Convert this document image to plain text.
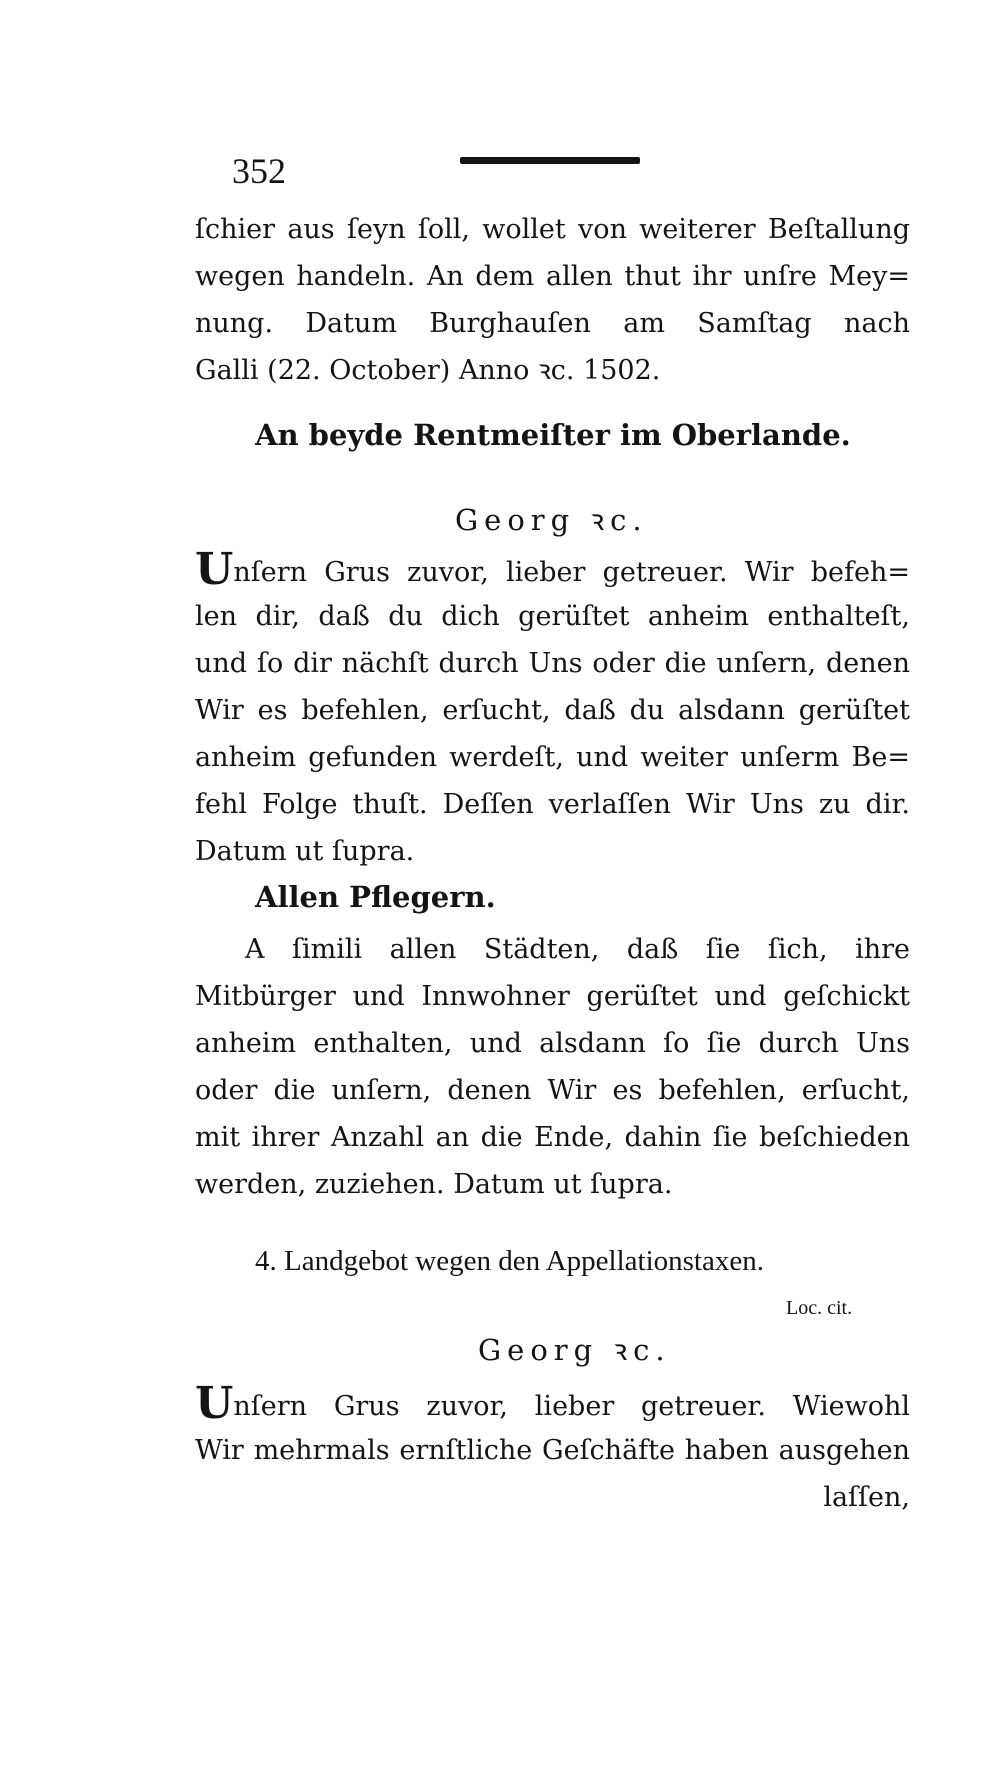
352
ſchier aus ſeyn ſoll, wollet von weiterer Beſtallung
wegen handeln. An dem allen thut ihr unſre Mey=
nung. Datum Burghauſen am Samſtag nach
Galli (22. October) Anno ꝛc. 1502.
An beyde Rentmeiſter im Oberlande.
Georg ꝛc.
Unſern Grus zuvor, lieber getreuer. Wir befeh=
len dir, daß du dich gerüſtet anheim enthalteſt,
und ſo dir nächſt durch Uns oder die unſern, denen
Wir es befehlen, erſucht, daß du alsdann gerüſtet
anheim gefunden werdeſt, und weiter unſerm Be=
fehl Folge thuſt. Deſſen verlaſſen Wir Uns zu dir.
Datum ut ſupra.
Allen Pflegern.
A ſimili allen Städten, daß ſie ſich, ihre
Mitbürger und Innwohner gerüſtet und geſchickt
anheim enthalten, und alsdann ſo ſie durch Uns
oder die unſern, denen Wir es befehlen, erſucht,
mit ihrer Anzahl an die Ende, dahin ſie beſchieden
werden, zuziehen. Datum ut ſupra.
4. Landgebot wegen den Appellationstaxen.
Loc. cit.
Georg ꝛc.
Unſern Grus zuvor, lieber getreuer. Wiewohl
Wir mehrmals ernſtliche Geſchäfte haben ausgehen
laſſen,
